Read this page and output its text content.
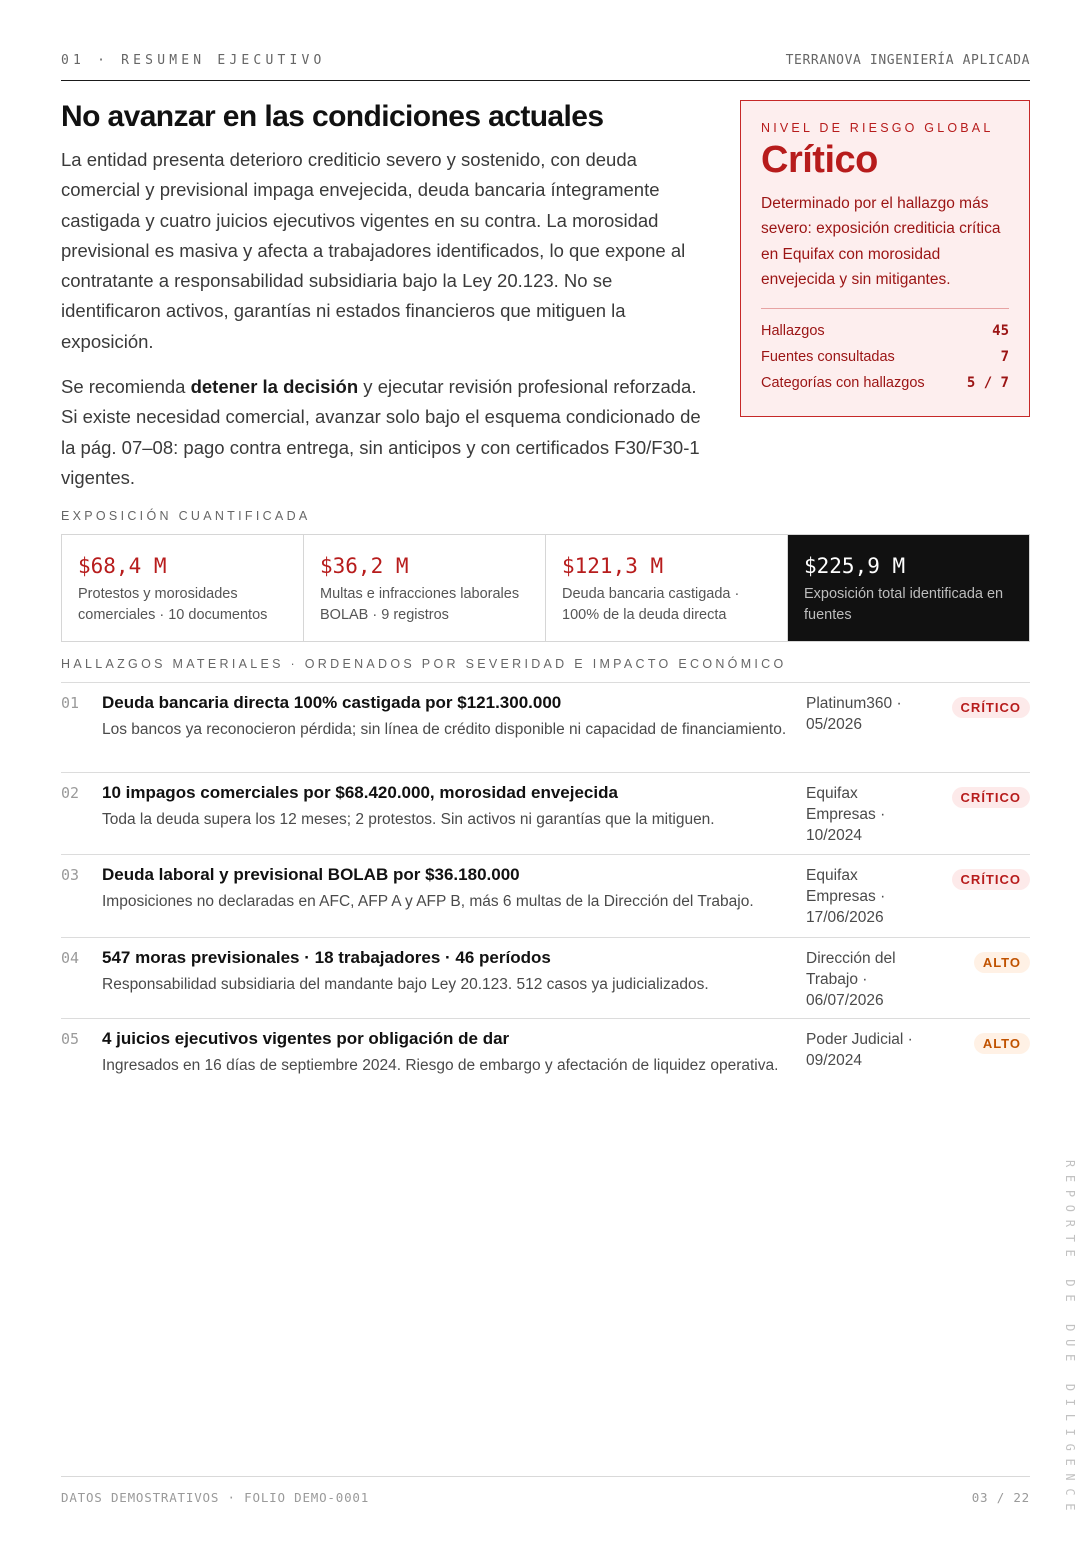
01 · RESUMEN EJECUTIVO	TERRANOVA INGENIERÍA APLICADA
No avanzar en las condiciones actuales

La entidad presenta deterioro crediticio severo y sostenido, con deuda comercial y previsional impaga envejecida, deuda bancaria íntegramente castigada y cuatro juicios ejecutivos vigentes en su contra. La morosidad previsional es masiva y afecta a trabajadores identificados, lo que expone al contratante a responsabilidad subsidiaria bajo la Ley 20.123. No se identificaron activos, garantías ni estados financieros que mitiguen la exposición.

Se recomienda detener la decisión y ejecutar revisión profesional reforzada. Si existe necesidad comercial, avanzar solo bajo el esquema condicionado de la pág. 07–08: pago contra entrega, sin anticipos y con certificados F30/F30-1 vigentes.

NIVEL DE RIESGO GLOBAL
Crítico
Determinado por el hallazgo más severo: exposición crediticia crítica en Equifax con morosidad envejecida y sin mitigantes.
Hallazgos	45
Fuentes consultadas	7
Categorías con hallazgos	5 / 7
EXPOSICIÓN CUANTIFICADA
$68,4 M
Protestos y morosidades comerciales · 10 documentos
$36,2 M
Multas e infracciones laborales BOLAB · 9 registros
$121,3 M
Deuda bancaria castigada · 100% de la deuda directa
$225,9 M
Exposición total identificada en fuentes
HALLAZGOS MATERIALES · ORDENADOS POR SEVERIDAD E IMPACTO ECONÓMICO
01 Deuda bancaria directa 100% castigada por $121.300.000
Los bancos ya reconocieron pérdida; sin línea de crédito disponible ni capacidad de financiamiento.
Platinum360 · 05/2026
CRÍTICO
02 10 impagos comerciales por $68.420.000, morosidad envejecida
Toda la deuda supera los 12 meses; 2 protestos. Sin activos ni garantías que la mitiguen.
Equifax Empresas · 10/2024
CRÍTICO
03 Deuda laboral y previsional BOLAB por $36.180.000
Imposiciones no declaradas en AFC, AFP A y AFP B, más 6 multas de la Dirección del Trabajo.
Equifax Empresas · 17/06/2026
CRÍTICO
04 547 moras previsionales · 18 trabajadores · 46 períodos
Responsabilidad subsidiaria del mandante bajo Ley 20.123. 512 casos ya judicializados.
Dirección del Trabajo · 06/07/2026
ALTO
05 4 juicios ejecutivos vigentes por obligación de dar
Ingresados en 16 días de septiembre 2024. Riesgo de embargo y afectación de liquidez operativa.
Poder Judicial · 09/2024
ALTO
REPORTE DE DUE DILIGENCE
DATOS DEMOSTRATIVOS · FOLIO DEMO-0001	03 / 22
